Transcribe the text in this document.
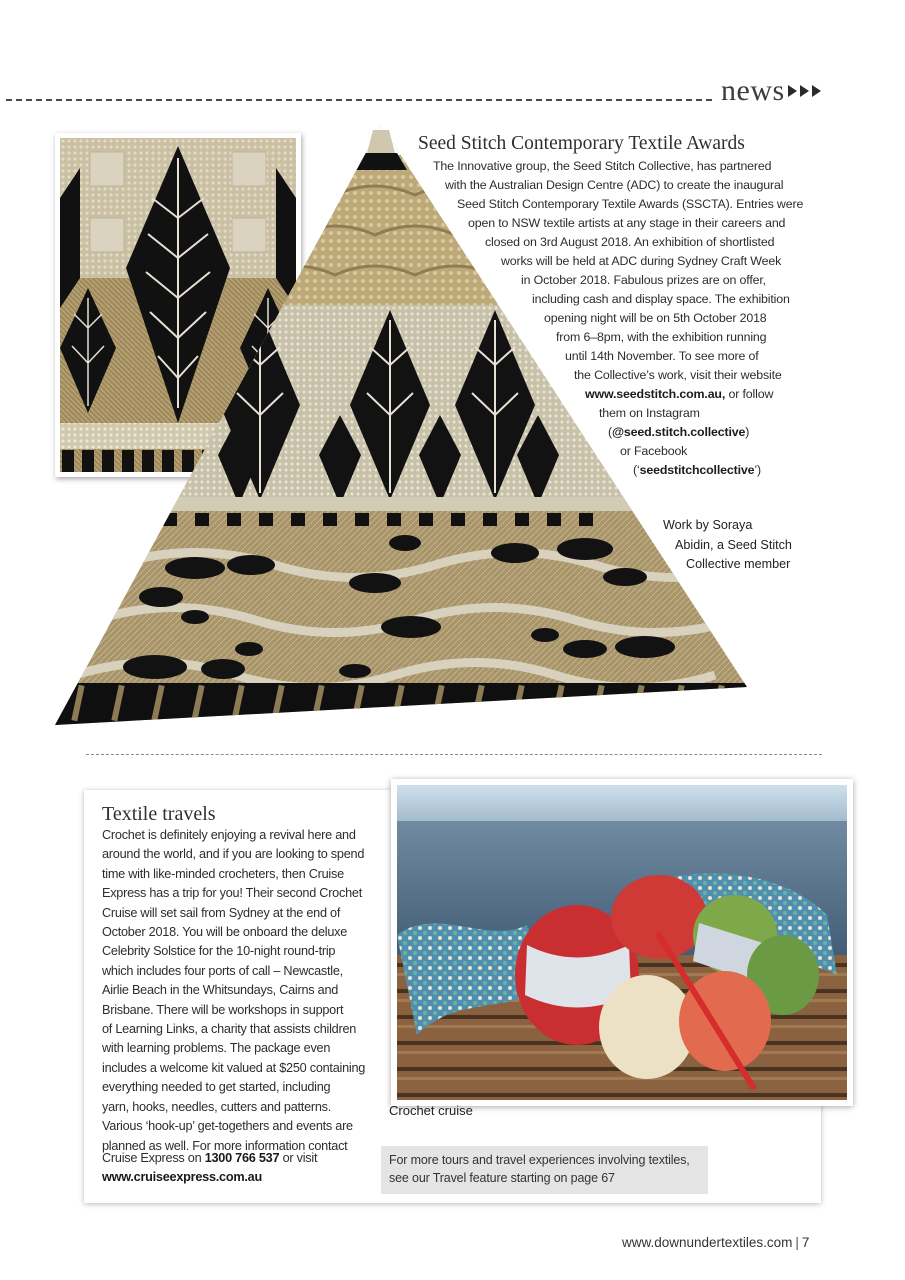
news
Seed Stitch Contemporary Textile Awards
The Innovative group, the Seed Stitch Collective, has partnered
with the Australian Design Centre (ADC) to create the inaugural
Seed Stitch Contemporary Textile Awards (SSCTA). Entries were
open to NSW textile artists at any stage in their careers and
closed on 3rd August 2018. An exhibition of shortlisted
works will be held at ADC during Sydney Craft Week
in October 2018. Fabulous prizes are on offer,
including cash and display space. The exhibition
opening night will be on 5th October 2018
from 6–8pm, with the exhibition running
until 14th November. To see more of
the Collective’s work, visit their website
www.seedstitch.com.au, or follow
them on Instagram
(@seed.stitch.collective)
or Facebook
(‘seedstitchcollective’)
Work by Soraya
Abidin, a Seed Stitch
Collective member
Textile travels
Crochet is definitely enjoying a revival here and
around the world, and if you are looking to spend
time with like-minded crocheters, then Cruise
Express has a trip for you! Their second Crochet
Cruise will set sail from Sydney at the end of
October 2018. You will be onboard the deluxe
Celebrity Solstice for the 10-night round-trip
which includes four ports of call – Newcastle,
Airlie Beach in the Whitsundays, Cairns and
Brisbane. There will be workshops in support
of Learning Links, a charity that assists children
with learning problems. The package even
includes a welcome kit valued at $250 containing
everything needed to get started, including
yarn, hooks, needles, cutters and patterns.
Various ‘hook-up’ get-togethers and events are
planned as well. For more information contact
Cruise Express on 1300 766 537 or visit
www.cruiseexpress.com.au
Crochet cruise
For more tours and travel experiences involving textiles,
see our Travel feature starting on page 67
www.downundertextiles.com | 7
